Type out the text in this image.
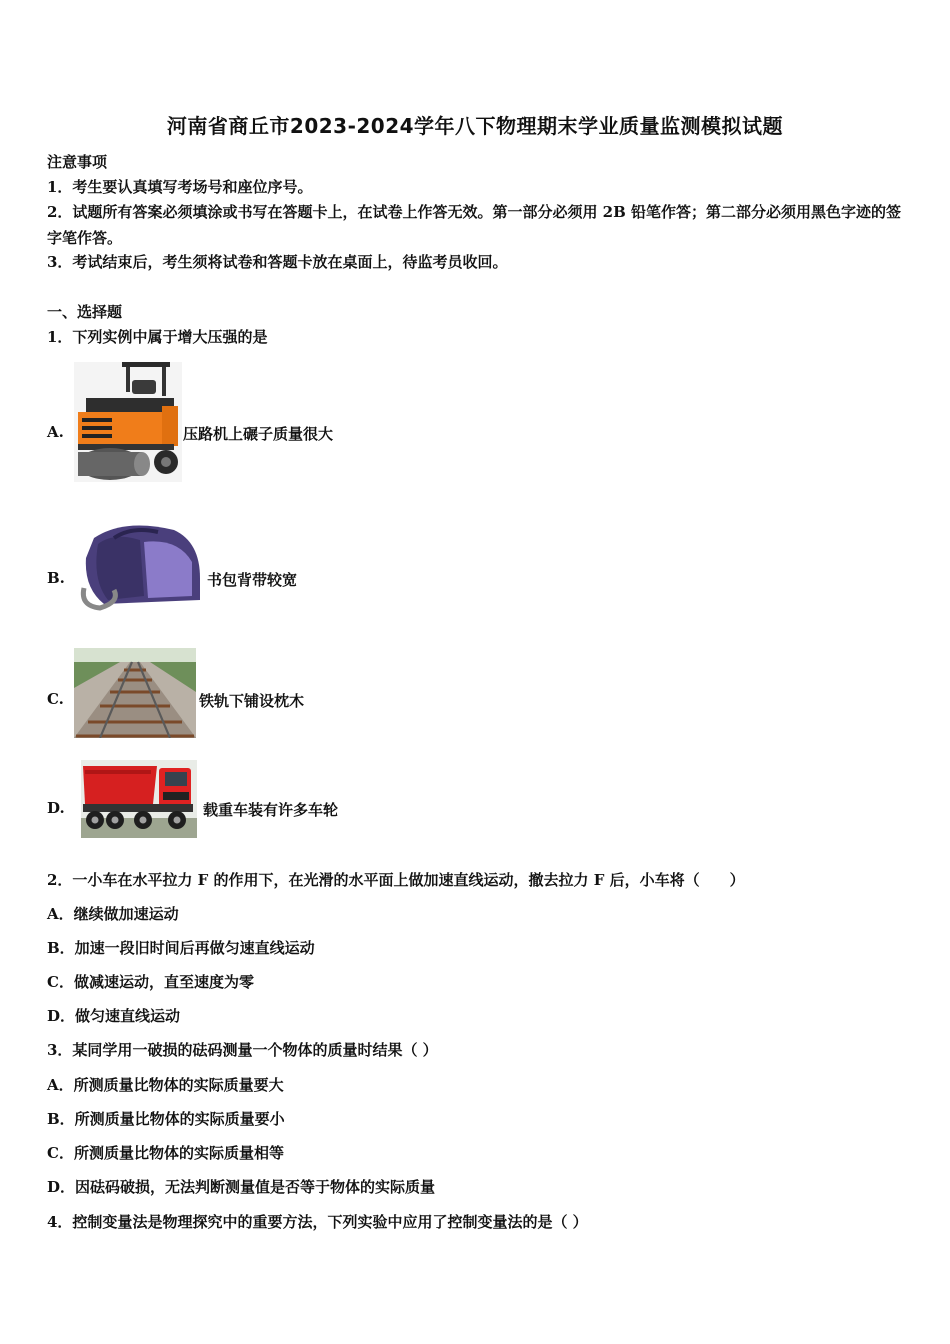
河南省商丘市2023-2024学年八下物理期末学业质量监测模拟试题
注意事项
1．考生要认真填写考场号和座位序号。
2．试题所有答案必须填涂或书写在答题卡上，在试卷上作答无效。第一部分必须用 2B 铅笔作答；第二部分必须用黑色字迹的签字笔作答。
3．考试结束后，考生须将试卷和答题卡放在桌面上，待监考员收回。
一、选择题
1．下列实例中属于增大压强的是
A.	压路机上碾子质量很大
B.	书包背带较宽
C.	铁轨下铺设枕木
D.	载重车装有许多车轮
2．一小车在水平拉力 F 的作用下，在光滑的水平面上做加速直线运动，撤去拉力 F 后，小车将（　　）
A．继续做加速运动
B．加速一段旧时间后再做匀速直线运动
C．做减速运动，直至速度为零
D．做匀速直线运动
3．某同学用一破损的砝码测量一个物体的质量时结果（ ）
A．所测质量比物体的实际质量要大
B．所测质量比物体的实际质量要小
C．所测质量比物体的实际质量相等
D．因砝码破损，无法判断测量值是否等于物体的实际质量
4．控制变量法是物理探究中的重要方法，下列实验中应用了控制变量法的是（ ）
